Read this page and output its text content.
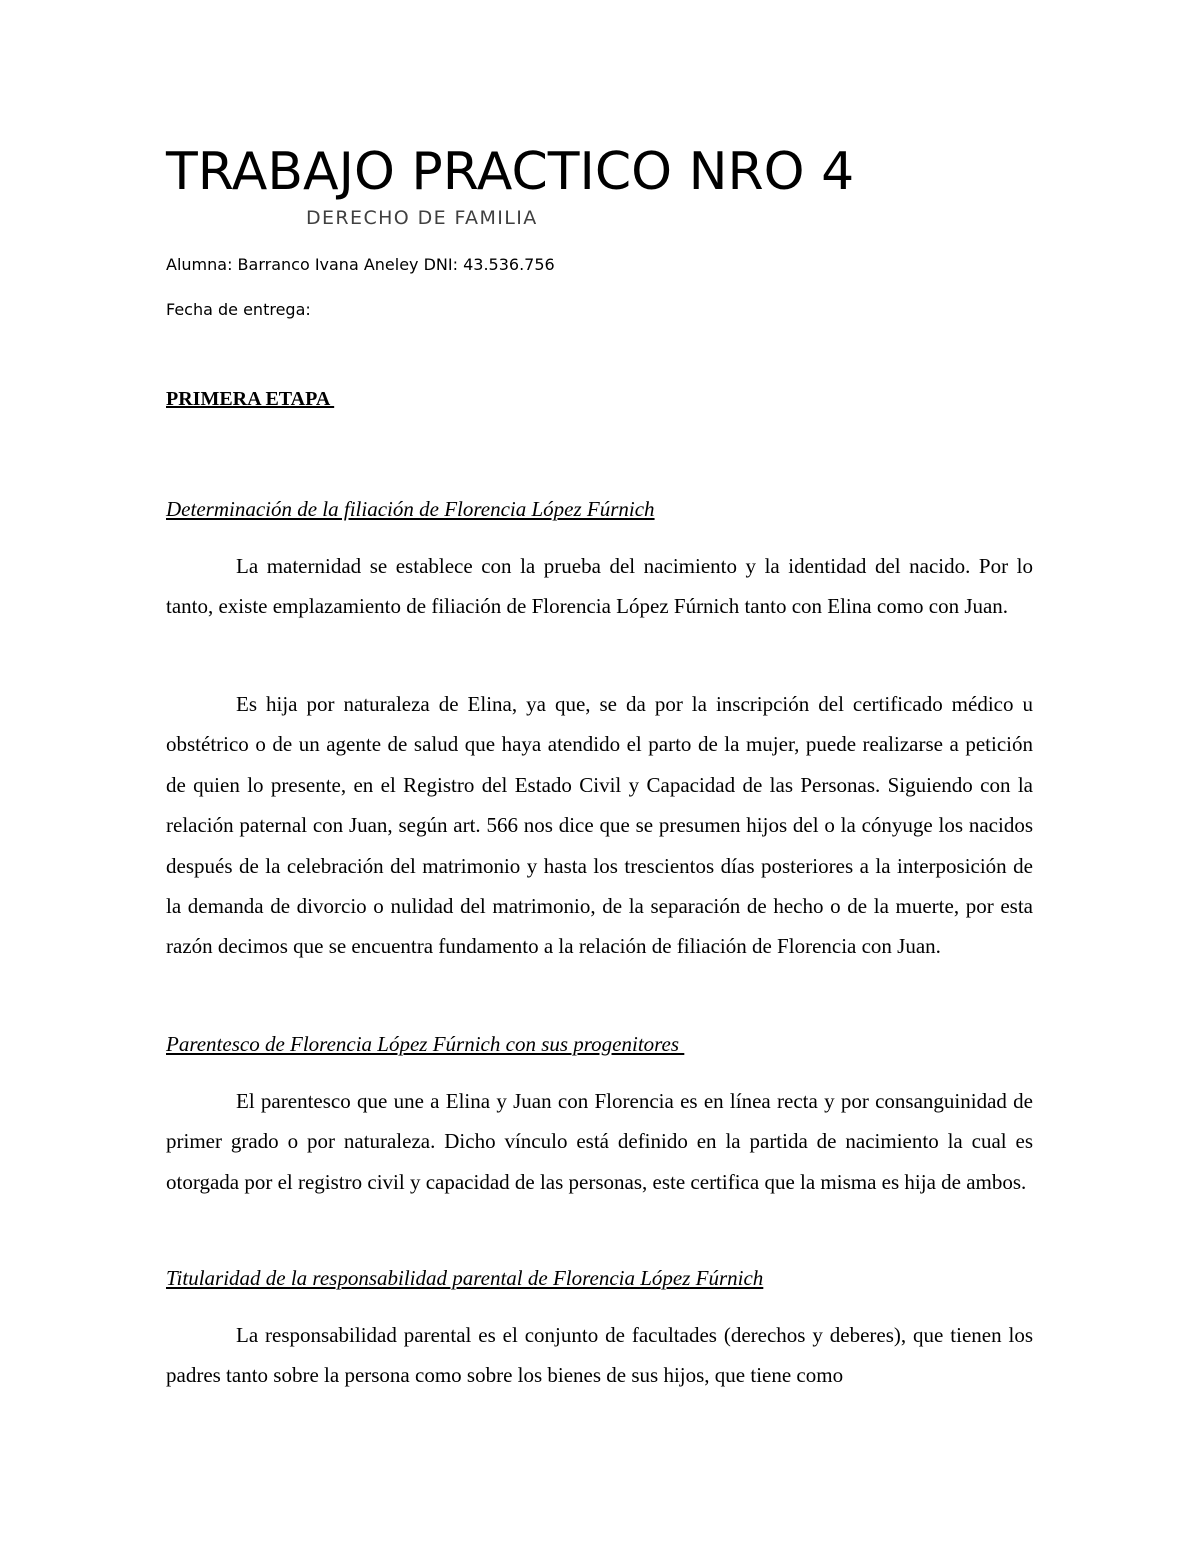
TRABAJO PRACTICO NRO 4
DERECHO DE FAMILIA
Alumna: Barranco Ivana Aneley DNI: 43.536.756
Fecha de entrega:
PRIMERA ETAPA
Determinación de la filiación de Florencia López Fúrnich

La maternidad se establece con la prueba del nacimiento y la identidad del nacido. Por lo tanto, existe emplazamiento de filiación de Florencia López Fúrnich tanto con Elina como con Juan.

Es hija por naturaleza de Elina, ya que, se da por la inscripción del certificado médico u obstétrico o de un agente de salud que haya atendido el parto de la mujer, puede realizarse a petición de quien lo presente, en el Registro del Estado Civil y Capacidad de las Personas. Siguiendo con la relación paternal con Juan, según art. 566 nos dice que se presumen hijos del o la cónyuge los nacidos después de la celebración del matrimonio y hasta los trescientos días posteriores a la interposición de la demanda de divorcio o nulidad del matrimonio, de la separación de hecho o de la muerte, por esta razón decimos que se encuentra fundamento a la relación de filiación de Florencia con Juan.

Parentesco de Florencia López Fúrnich con sus progenitores

El parentesco que une a Elina y Juan con Florencia es en línea recta y por consanguinidad de primer grado o por naturaleza. Dicho vínculo está definido en la partida de nacimiento la cual es otorgada por el registro civil y capacidad de las personas, este certifica que la misma es hija de ambos.

Titularidad de la responsabilidad parental de Florencia López Fúrnich

La responsabilidad parental es el conjunto de facultades (derechos y deberes), que tienen los padres tanto sobre la persona como sobre los bienes de sus hijos, que tiene como
